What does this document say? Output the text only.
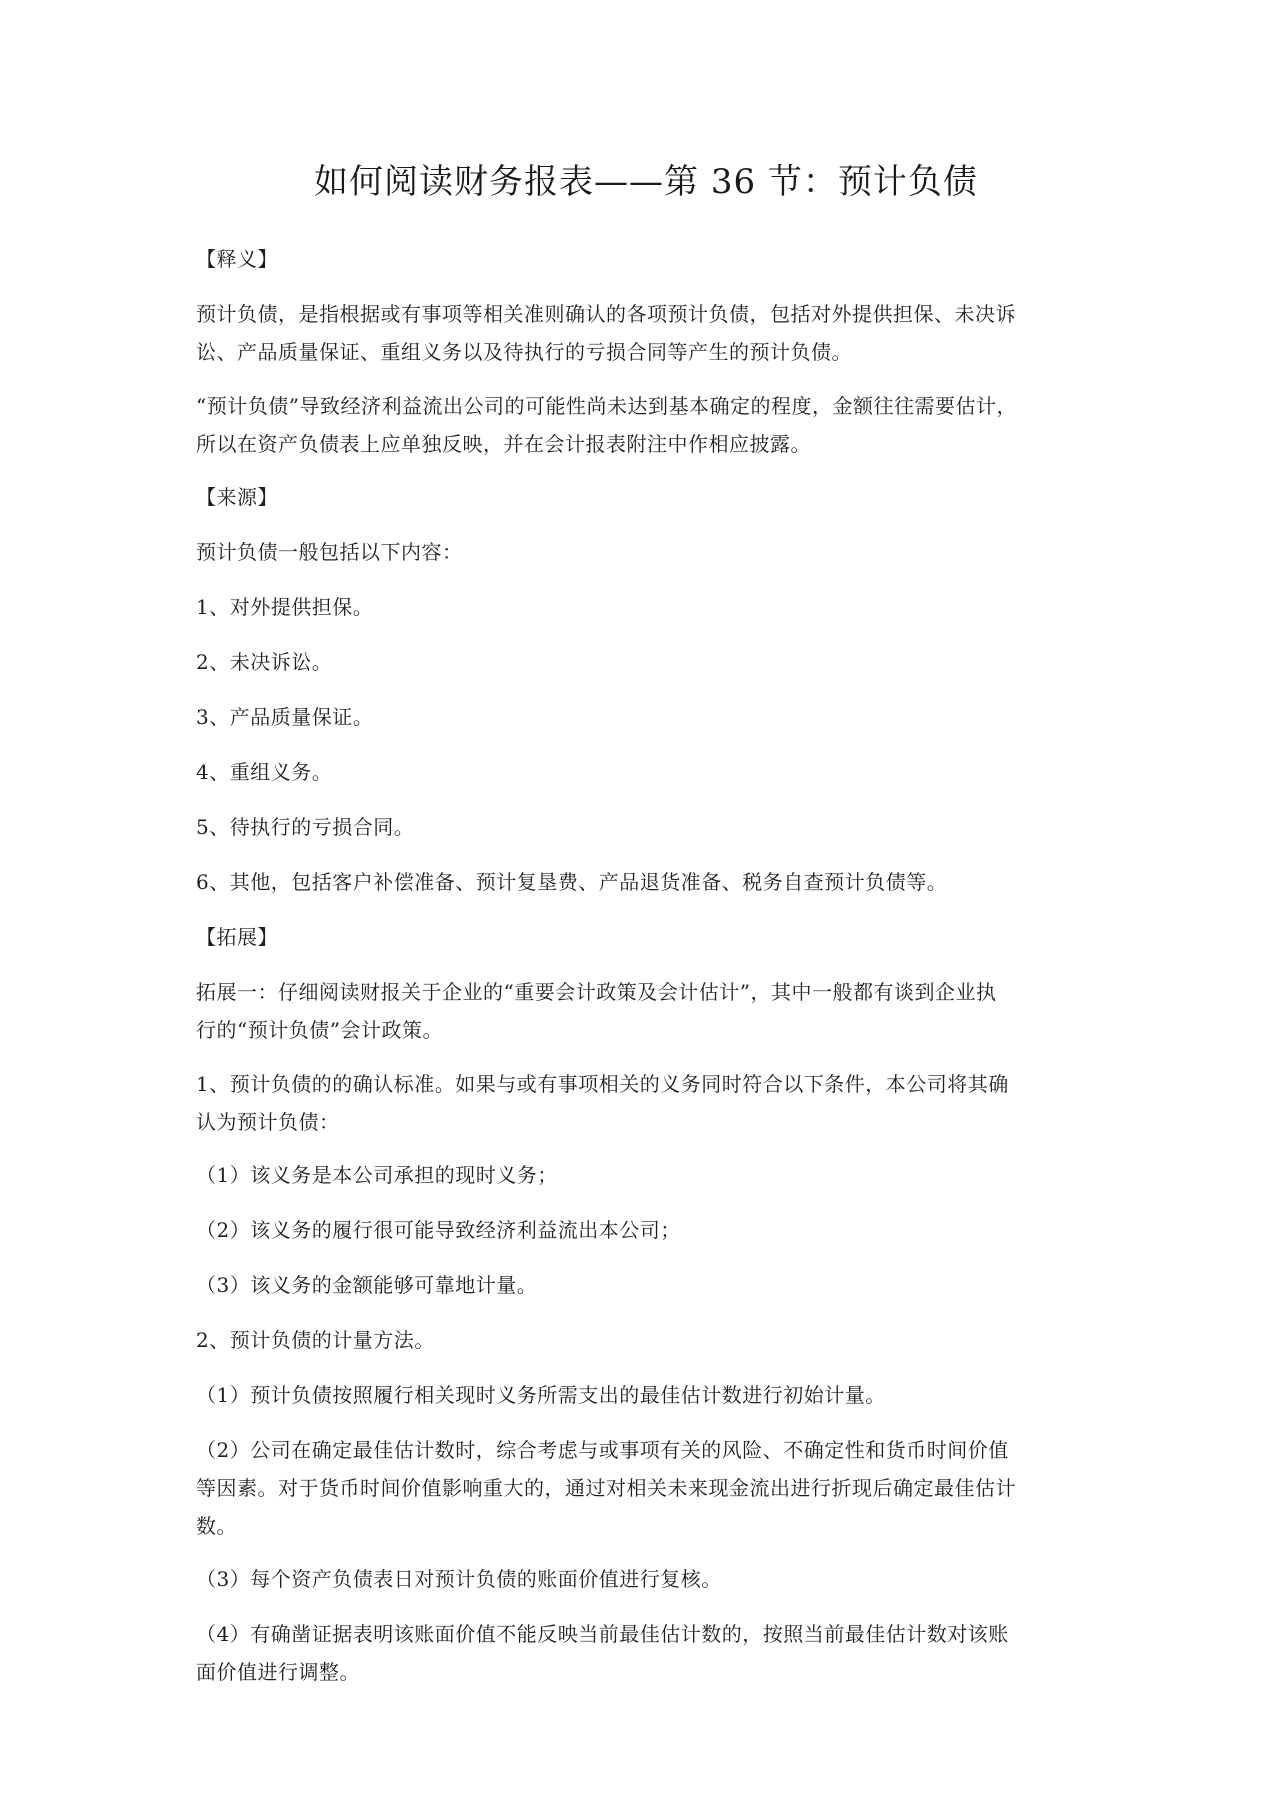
如何阅读财务报表——第 36 节：预计负债
【释义】
预计负债，是指根据或有事项等相关准则确认的各项预计负债，包括对外提供担保、未决诉
讼、产品质量保证、重组义务以及待执行的亏损合同等产生的预计负债。
“预计负债”导致经济利益流出公司的可能性尚未达到基本确定的程度，金额往往需要估计，
所以在资产负债表上应单独反映，并在会计报表附注中作相应披露。
【来源】
预计负债一般包括以下内容：
1、对外提供担保。
2、未决诉讼。
3、产品质量保证。
4、重组义务。
5、待执行的亏损合同。
6、其他，包括客户补偿准备、预计复垦费、产品退货准备、税务自查预计负债等。
【拓展】
拓展一：仔细阅读财报关于企业的“重要会计政策及会计估计”，其中一般都有谈到企业执
行的“预计负债”会计政策。
1、预计负债的的确认标准。如果与或有事项相关的义务同时符合以下条件，本公司将其确
认为预计负债：
（1）该义务是本公司承担的现时义务；
（2）该义务的履行很可能导致经济利益流出本公司；
（3）该义务的金额能够可靠地计量。
2、预计负债的计量方法。
（1）预计负债按照履行相关现时义务所需支出的最佳估计数进行初始计量。
（2）公司在确定最佳估计数时，综合考虑与或事项有关的风险、不确定性和货币时间价值
等因素。对于货币时间价值影响重大的，通过对相关未来现金流出进行折现后确定最佳估计
数。
（3）每个资产负债表日对预计负债的账面价值进行复核。
（4）有确凿证据表明该账面价值不能反映当前最佳估计数的，按照当前最佳估计数对该账
面价值进行调整。
